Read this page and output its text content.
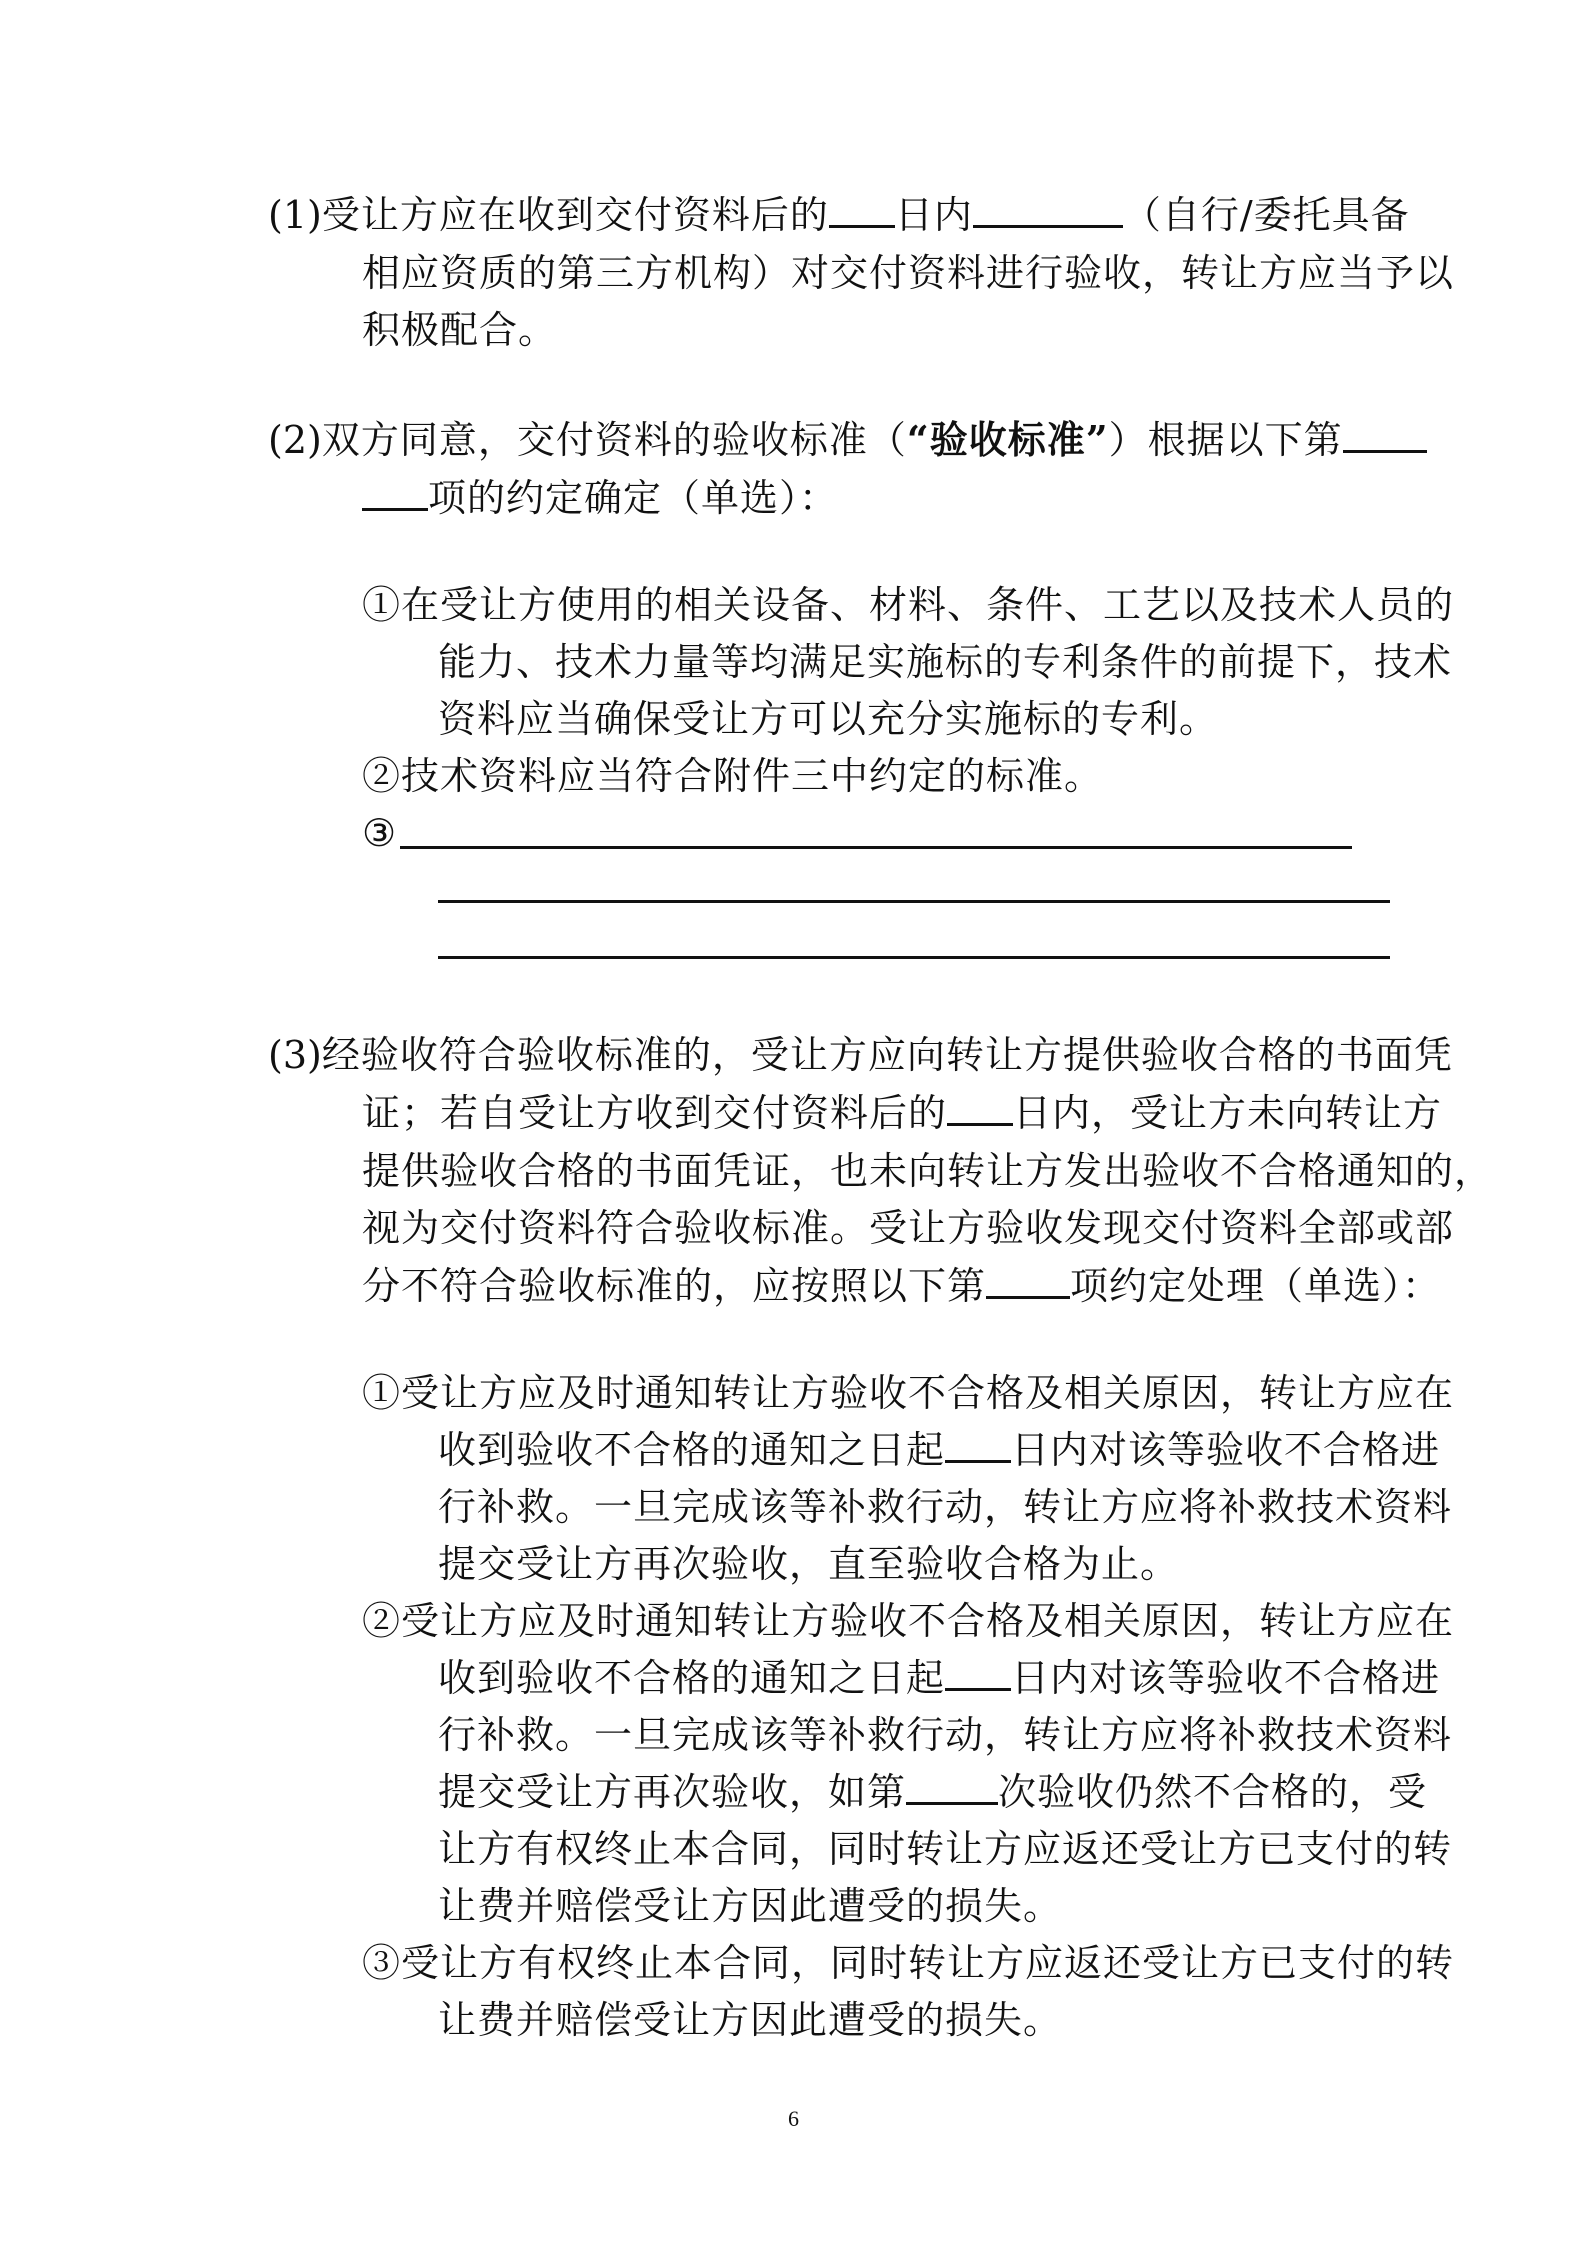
(1)受让方应在收到交付资料后的 日内	（自行/委托具备
相应资质的第三方机构）对交付资料进行验收，转让方应当予以
积极配合。
(2)双方同意，交付资料的验收标准（“验收标准”）根据以下第
项的约定确定（单选）：
①在受让方使用的相关设备、材料、条件、工艺以及技术人员的
能力、技术力量等均满足实施标的专利条件的前提下，技术
资料应当确保受让方可以充分实施标的专利。
②技术资料应当符合附件三中约定的标准。
③
(3)经验收符合验收标准的，受让方应向转让方提供验收合格的书面凭
证；若自受让方收到交付资料后的 日内，受让方未向转让方
提供验收合格的书面凭证，也未向转让方发出验收不合格通知的，
视为交付资料符合验收标准。受让方验收发现交付资料全部或部
分不符合验收标准的，应按照以下第 项约定处理（单选）：
①受让方应及时通知转让方验收不合格及相关原因，转让方应在
收到验收不合格的通知之日起 日内对该等验收不合格进
行补救。一旦完成该等补救行动，转让方应将补救技术资料
提交受让方再次验收，直至验收合格为止。
②受让方应及时通知转让方验收不合格及相关原因，转让方应在
收到验收不合格的通知之日起 日内对该等验收不合格进
行补救。一旦完成该等补救行动，转让方应将补救技术资料
提交受让方再次验收，如第 次验收仍然不合格的，受
让方有权终止本合同，同时转让方应返还受让方已支付的转
让费并赔偿受让方因此遭受的损失。
③受让方有权终止本合同，同时转让方应返还受让方已支付的转
让费并赔偿受让方因此遭受的损失。
6
